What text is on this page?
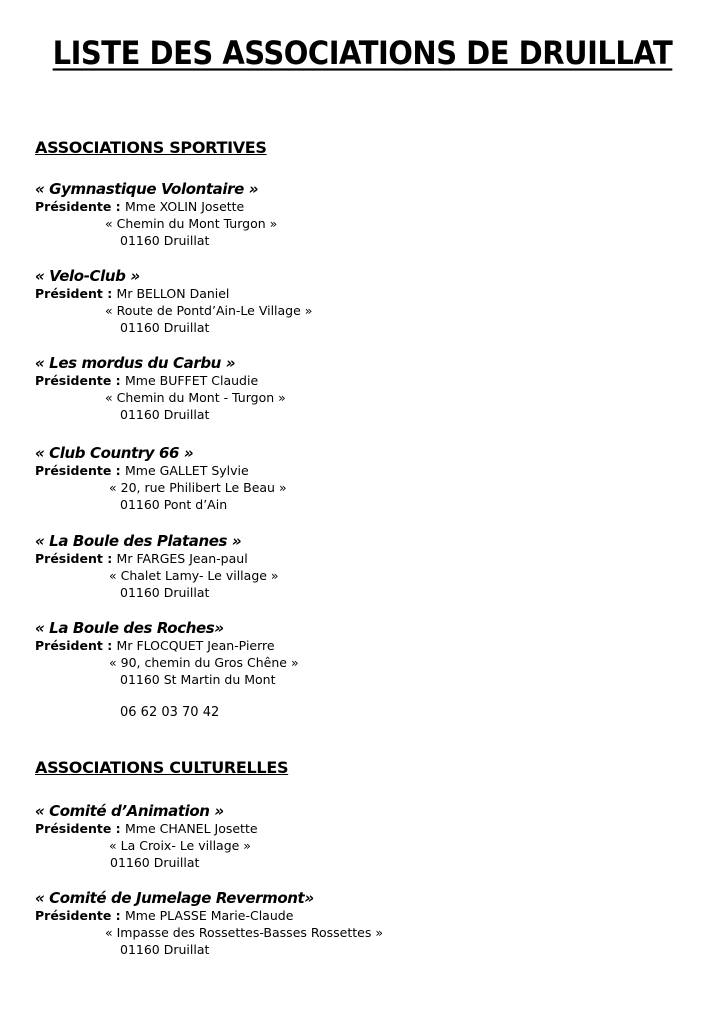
LISTE DES ASSOCIATIONS DE DRUILLAT
ASSOCIATIONS SPORTIVES
« Gymnastique Volontaire »
Présidente : Mme XOLIN Josette
« Chemin du Mont Turgon »
01160 Druillat
« Velo-Club »
Président : Mr BELLON Daniel
« Route de Pontd’Ain-Le Village »
01160 Druillat
« Les mordus du Carbu »
Présidente : Mme BUFFET Claudie
« Chemin du Mont - Turgon »
01160 Druillat
« Club Country 66 »
Présidente : Mme GALLET Sylvie
« 20, rue Philibert Le Beau »
01160 Pont d’Ain
« La Boule des Platanes »
Président : Mr FARGES Jean-paul
« Chalet Lamy- Le village »
01160 Druillat
« La Boule des Roches»
Président : Mr FLOCQUET Jean-Pierre
« 90, chemin du Gros Chêne »
01160 St Martin du Mont
06 62 03 70 42
ASSOCIATIONS CULTURELLES
« Comité d’Animation »
Présidente : Mme CHANEL Josette
« La Croix- Le village »
01160 Druillat
« Comité de Jumelage Revermont»
Présidente : Mme PLASSE Marie-Claude
« Impasse des Rossettes-Basses Rossettes »
01160 Druillat
